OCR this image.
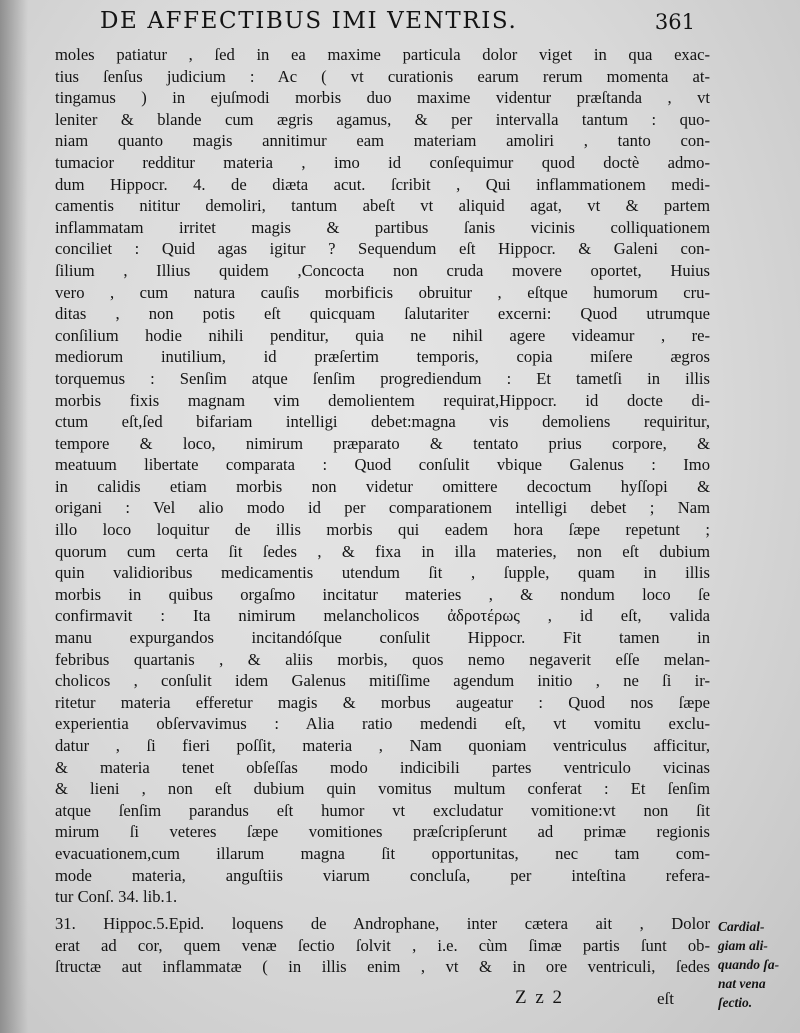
DE AFFECTIBUS IMI VENTRIS.	361
moles patiatur , ſed in ea maxime particula dolor viget in qua exac-
tius ſenſus judicium : Ac ( vt curationis earum rerum momenta at-
tingamus ) in ejuſmodi morbis duo maxime videntur præſtanda , vt
leniter & blande cum ægris agamus, & per intervalla tantum : quo-
niam quanto magis annitimur eam materiam amoliri , tanto con-
tumacior redditur materia , imo id conſequimur quod doctè admo-
dum Hippocr. 4. de diæta acut. ſcribit , Qui inflammationem medi-
camentis nititur demoliri, tantum abeſt vt aliquid agat, vt & partem
inflammatam irritet magis & partibus ſanis vicinis colliquationem
conciliet : Quid agas igitur ? Sequendum eſt Hippocr. & Galeni con-
ſilium , Illius quidem ,Concocta non cruda movere oportet, Huius
vero , cum natura cauſis morbificis obruitur , eſtque humorum cru-
ditas , non potis eſt quicquam ſalutariter excerni: Quod utrumque
conſilium hodie nihili penditur, quia ne nihil agere videamur , re-
mediorum inutilium, id præſertim temporis, copia miſere ægros
torquemus : Senſim atque ſenſim progrediendum : Et tametſi in illis
morbis fixis magnam vim demolientem requirat,Hippocr. id docte di-
ctum eſt,ſed bifariam intelligi debet:magna vis demoliens requiritur,
tempore & loco, nimirum præparato & tentato prius corpore, &
meatuum libertate comparata : Quod conſulit vbique Galenus : Imo
in calidis etiam morbis non videtur omittere decoctum hyſſopi &
origani : Vel alio modo id per comparationem intelligi debet ; Nam
illo loco loquitur de illis morbis qui eadem hora ſæpe repetunt ;
quorum cum certa ſit ſedes , & fixa in illa materies, non eſt dubium
quin validioribus medicamentis utendum ſit , ſupple, quam in illis
morbis in quibus orgaſmo incitatur materies , & nondum loco ſe
confirmavit : Ita nimirum melancholicos ἀδρoτέρως , id eſt, valida
manu expurgandos incitandóſque conſulit Hippocr. Fit tamen in
febribus quartanis , & aliis morbis, quos nemo negaverit eſſe melan-
cholicos , conſulit idem Galenus mitiſſime agendum initio , ne ſi ir-
ritetur materia efferetur magis & morbus augeatur : Quod nos ſæpe
experientia obſervavimus : Alia ratio medendi eſt, vt vomitu exclu-
datur , ſi fieri poſſit, materia , Nam quoniam ventriculus afficitur,
& materia tenet obſeſſas modo indicibili partes ventriculo vicinas
& lieni , non eſt dubium quin vomitus multum conferat : Et ſenſim
atque ſenſim parandus eſt humor vt excludatur vomitione:vt non ſit
mirum ſi veteres ſæpe vomitiones præſcripſerunt ad primæ regionis
evacuationem,cum illarum magna ſit opportunitas, nec tam com-
mode materia, anguſtiis viarum concluſa, per inteſtina refera-
tur Conſ. 34. lib.1.
31. Hippoc.5.Epid. loquens de Androphane, inter cætera ait , Dolor
erat ad cor, quem venæ ſectio ſolvit , i.e. cùm ſimæ partis ſunt ob-
ſtructæ aut inflammatæ ( in illis enim , vt & in ore ventriculi, ſedes
Cardial-
giam ali-
quando ſa-
nat vena
ſectio.
Z z 2	eſt
